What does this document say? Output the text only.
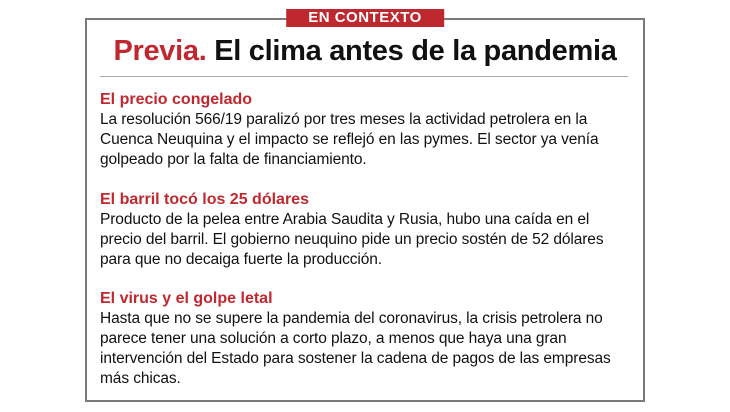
EN CONTEXTO
Previa. El clima antes de la pandemia
El precio congelado

La resolución 566/19 paralizó por tres meses la actividad petrolera en la Cuenca Neuquina y el impacto se reflejó en las pymes. El sector ya venía golpeado por la falta de financiamiento.

El barril tocó los 25 dólares

Producto de la pelea entre Arabia Saudita y Rusia, hubo una caída en el precio del barril. El gobierno neuquino pide un precio sostén de 52 dólares para que no decaiga fuerte la producción.

El virus y el golpe letal

Hasta que no se supere la pandemia del coronavirus, la crisis petrolera no parece tener una solución a corto plazo, a menos que haya una gran intervención del Estado para sostener la cadena de pagos de las empresas más chicas.
